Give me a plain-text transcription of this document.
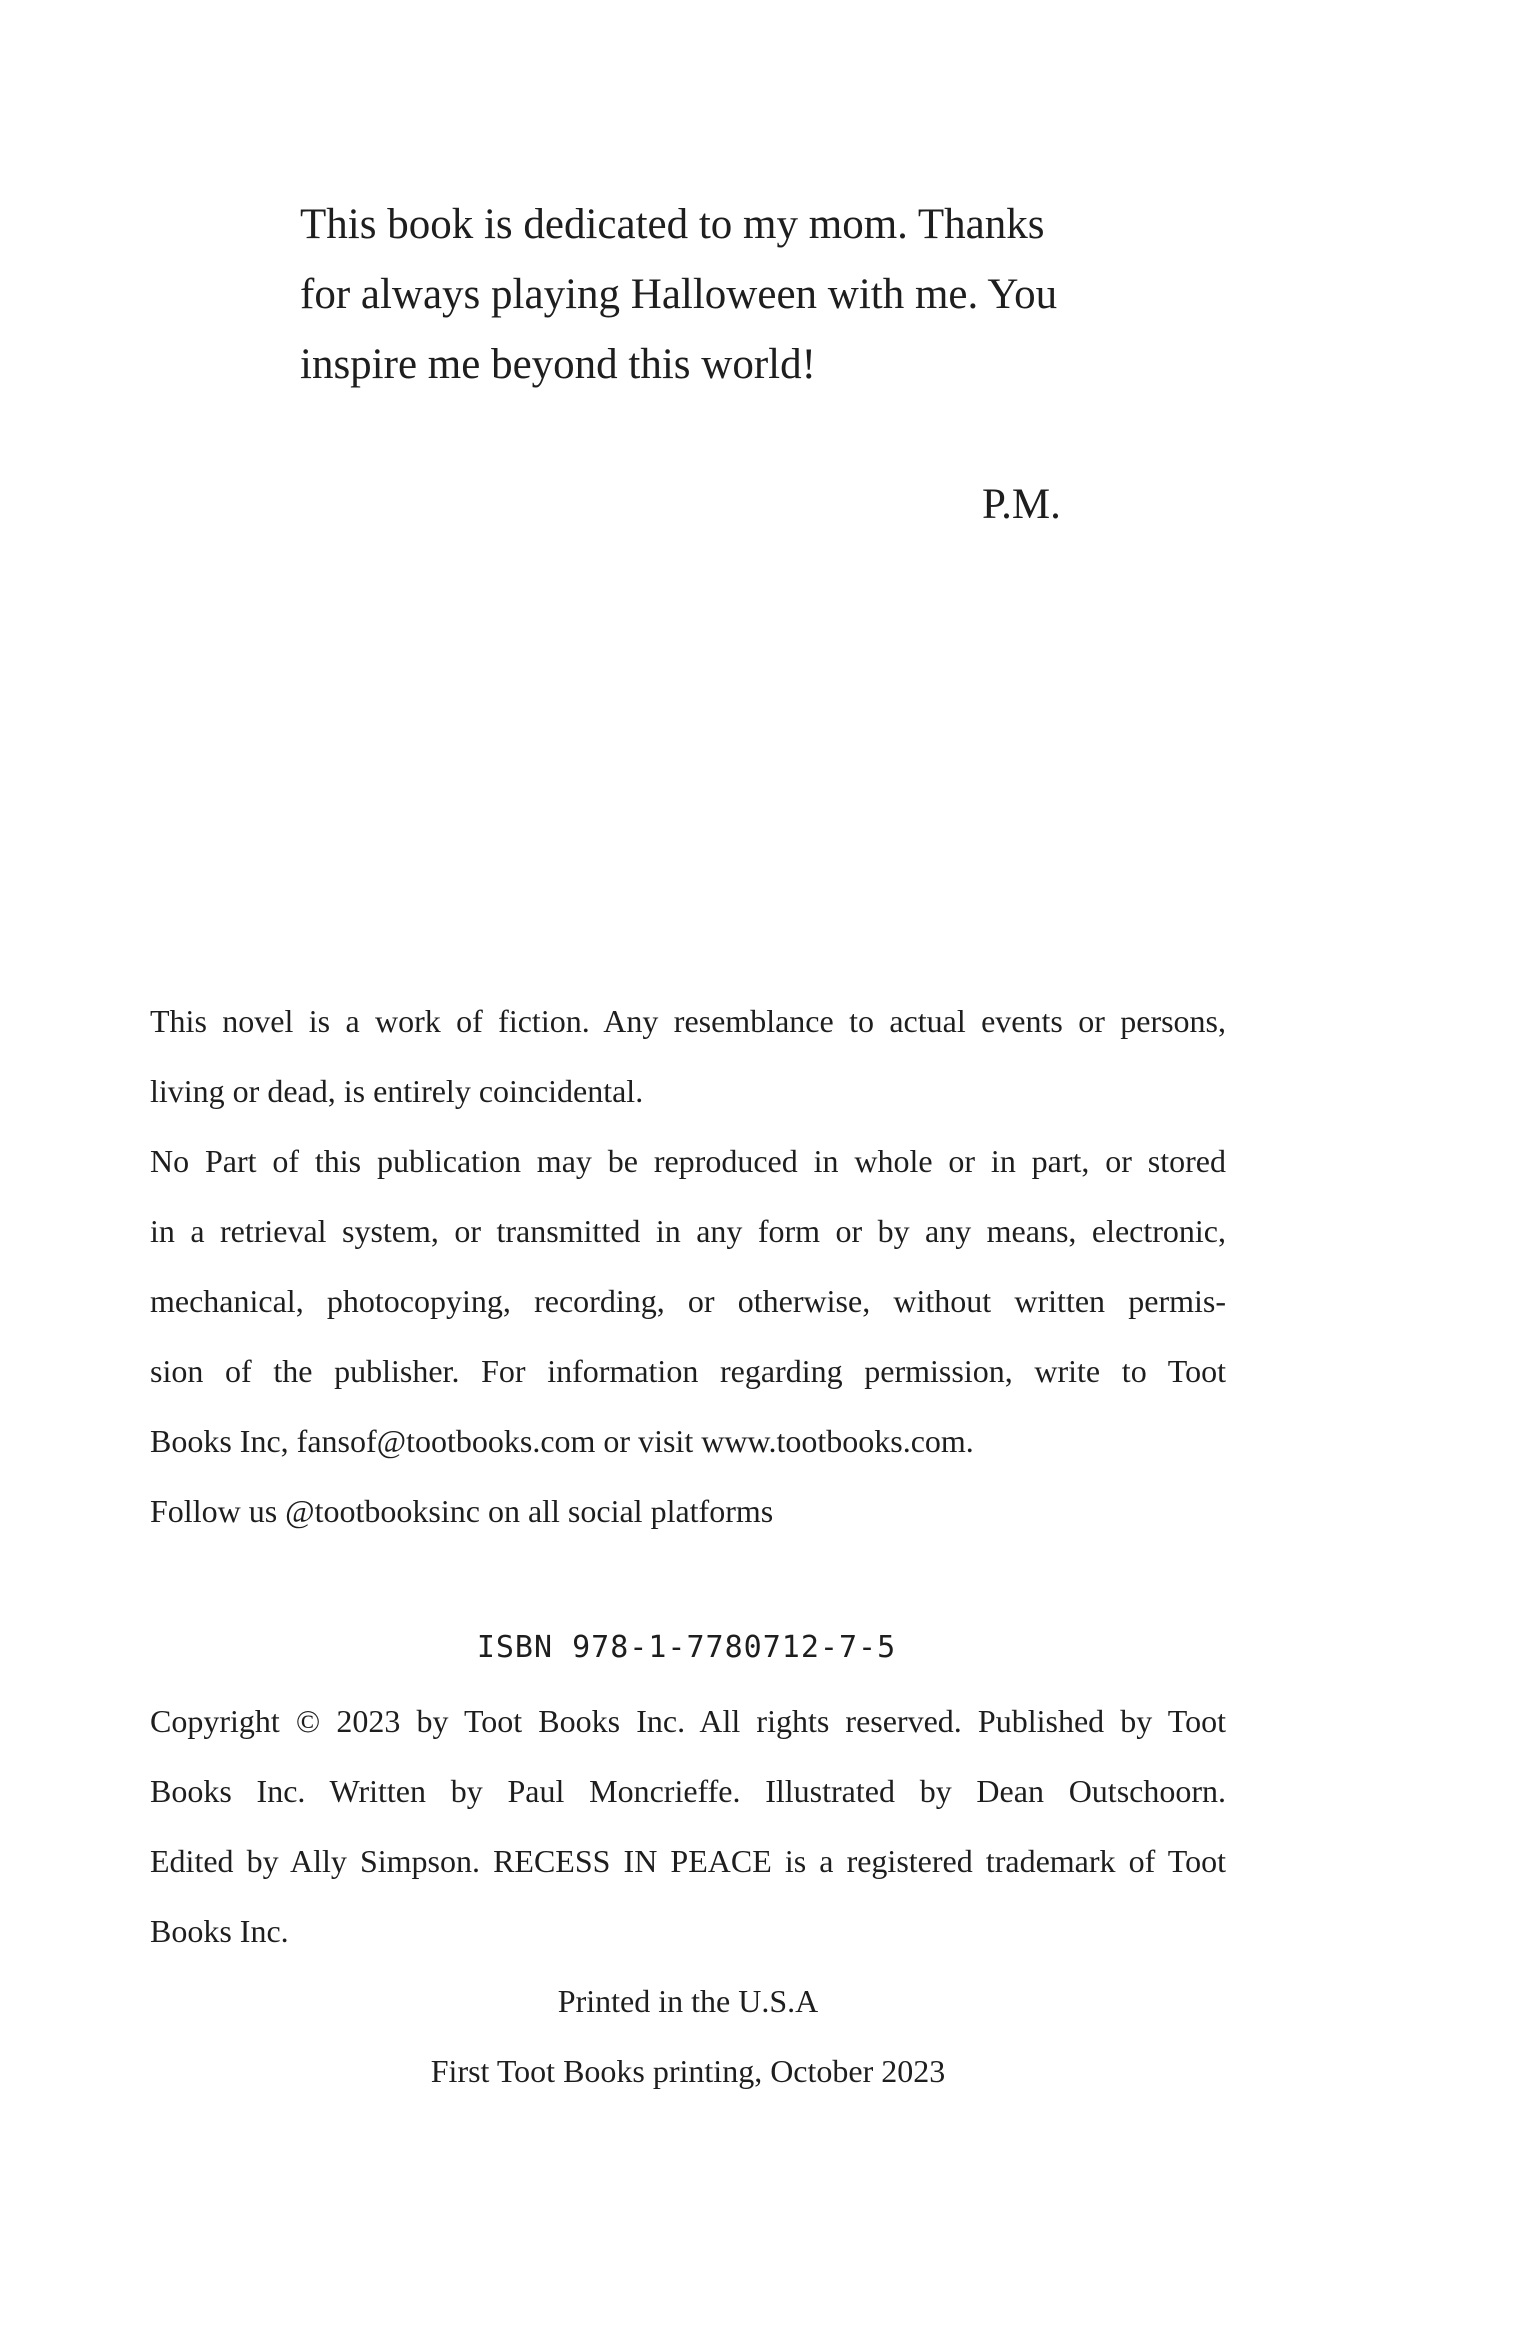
This book is dedicated to my mom. Thanks
for always playing Halloween with me. You
inspire me beyond this world!
P.M.
This novel is a work of fiction. Any resemblance to actual events or persons,
living or dead, is entirely coincidental.
No Part of this publication may be reproduced in whole or in part, or stored
in a retrieval system, or transmitted in any form or by any means, electronic,
mechanical, photocopying, recording, or otherwise, without written permis-
sion of the publisher. For information regarding permission, write to Toot
Books Inc, fansof@tootbooks.com or visit www.tootbooks.com.
Follow us @tootbooksinc on all social platforms
ISBN 978-1-7780712-7-5
Copyright © 2023 by Toot Books Inc. All rights reserved. Published by Toot
Books Inc. Written by Paul Moncrieffe. Illustrated by Dean Outschoorn.
Edited by Ally Simpson. RECESS IN PEACE is a registered trademark of Toot
Books Inc.
Printed in the U.S.A
First Toot Books printing, October 2023
